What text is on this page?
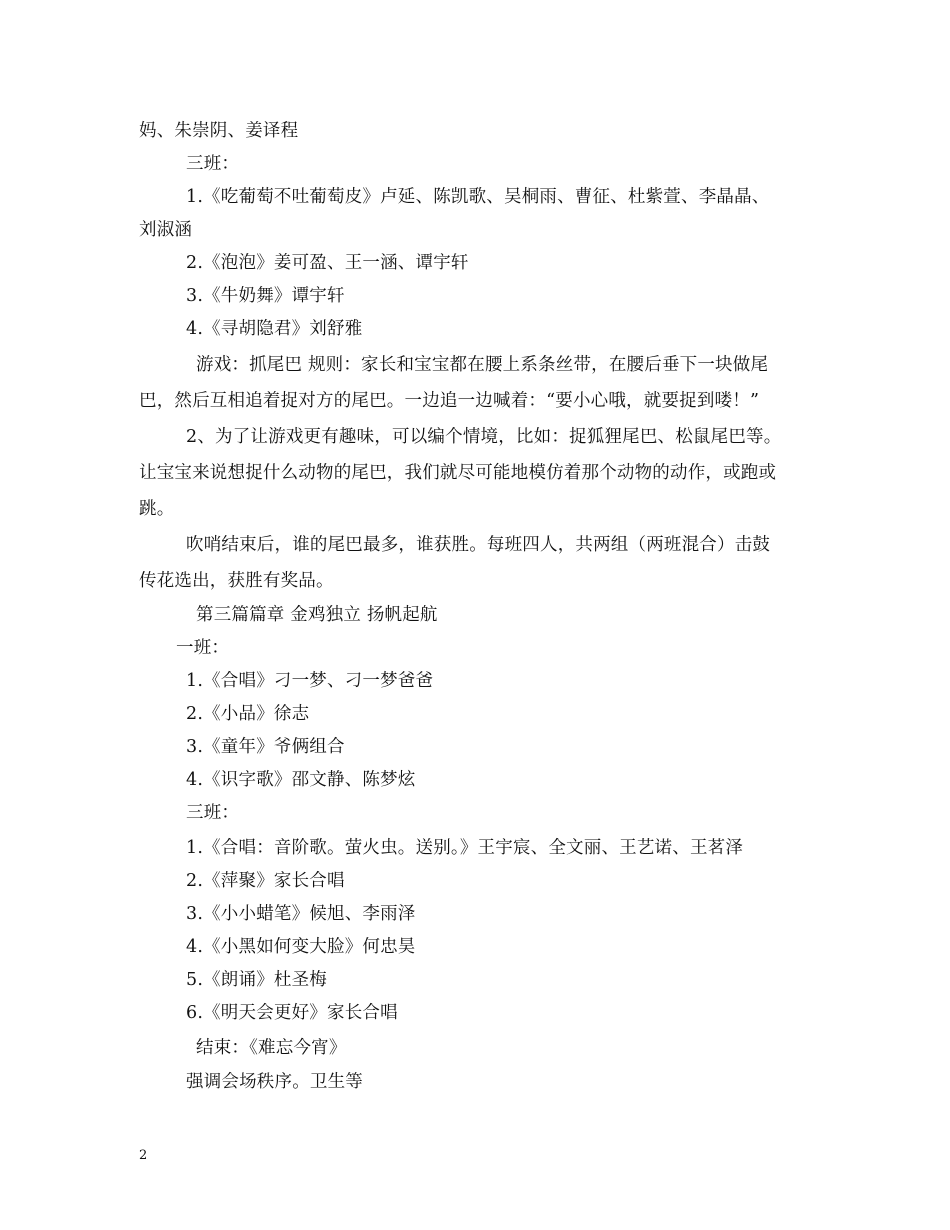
妈、朱崇阴、姜译程
三班：
1.《吃葡萄不吐葡萄皮》卢延、陈凯歌、吴桐雨、曹征、杜紫萱、李晶晶、
刘淑涵
2.《泡泡》姜可盈、王一涵、谭宇轩
3.《牛奶舞》谭宇轩
4.《寻胡隐君》刘舒雅
游戏：抓尾巴 规则：家长和宝宝都在腰上系条丝带，在腰后垂下一块做尾
巴，然后互相追着捉对方的尾巴。一边追一边喊着：“要小心哦，就要捉到喽！”
2、为了让游戏更有趣味，可以编个情境，比如：捉狐狸尾巴、松鼠尾巴等。
让宝宝来说想捉什么动物的尾巴，我们就尽可能地模仿着那个动物的动作，或跑或
跳。
吹哨结束后，谁的尾巴最多，谁获胜。每班四人，共两组（两班混合）击鼓
传花选出，获胜有奖品。
第三篇篇章 金鸡独立 扬帆起航
一班：
1.《合唱》刁一梦、刁一梦爸爸
2.《小品》徐志
3.《童年》爷俩组合
4.《识字歌》邵文静、陈梦炫
三班：
1.《合唱：音阶歌。萤火虫。送别。》王宇宸、全文丽、王艺诺、王茗泽
2.《萍聚》家长合唱
3.《小小蜡笔》候旭、李雨泽
4.《小黑如何变大脸》何忠昊
5.《朗诵》杜圣梅
6.《明天会更好》家长合唱
结束：《难忘今宵》
强调会场秩序。卫生等
2
